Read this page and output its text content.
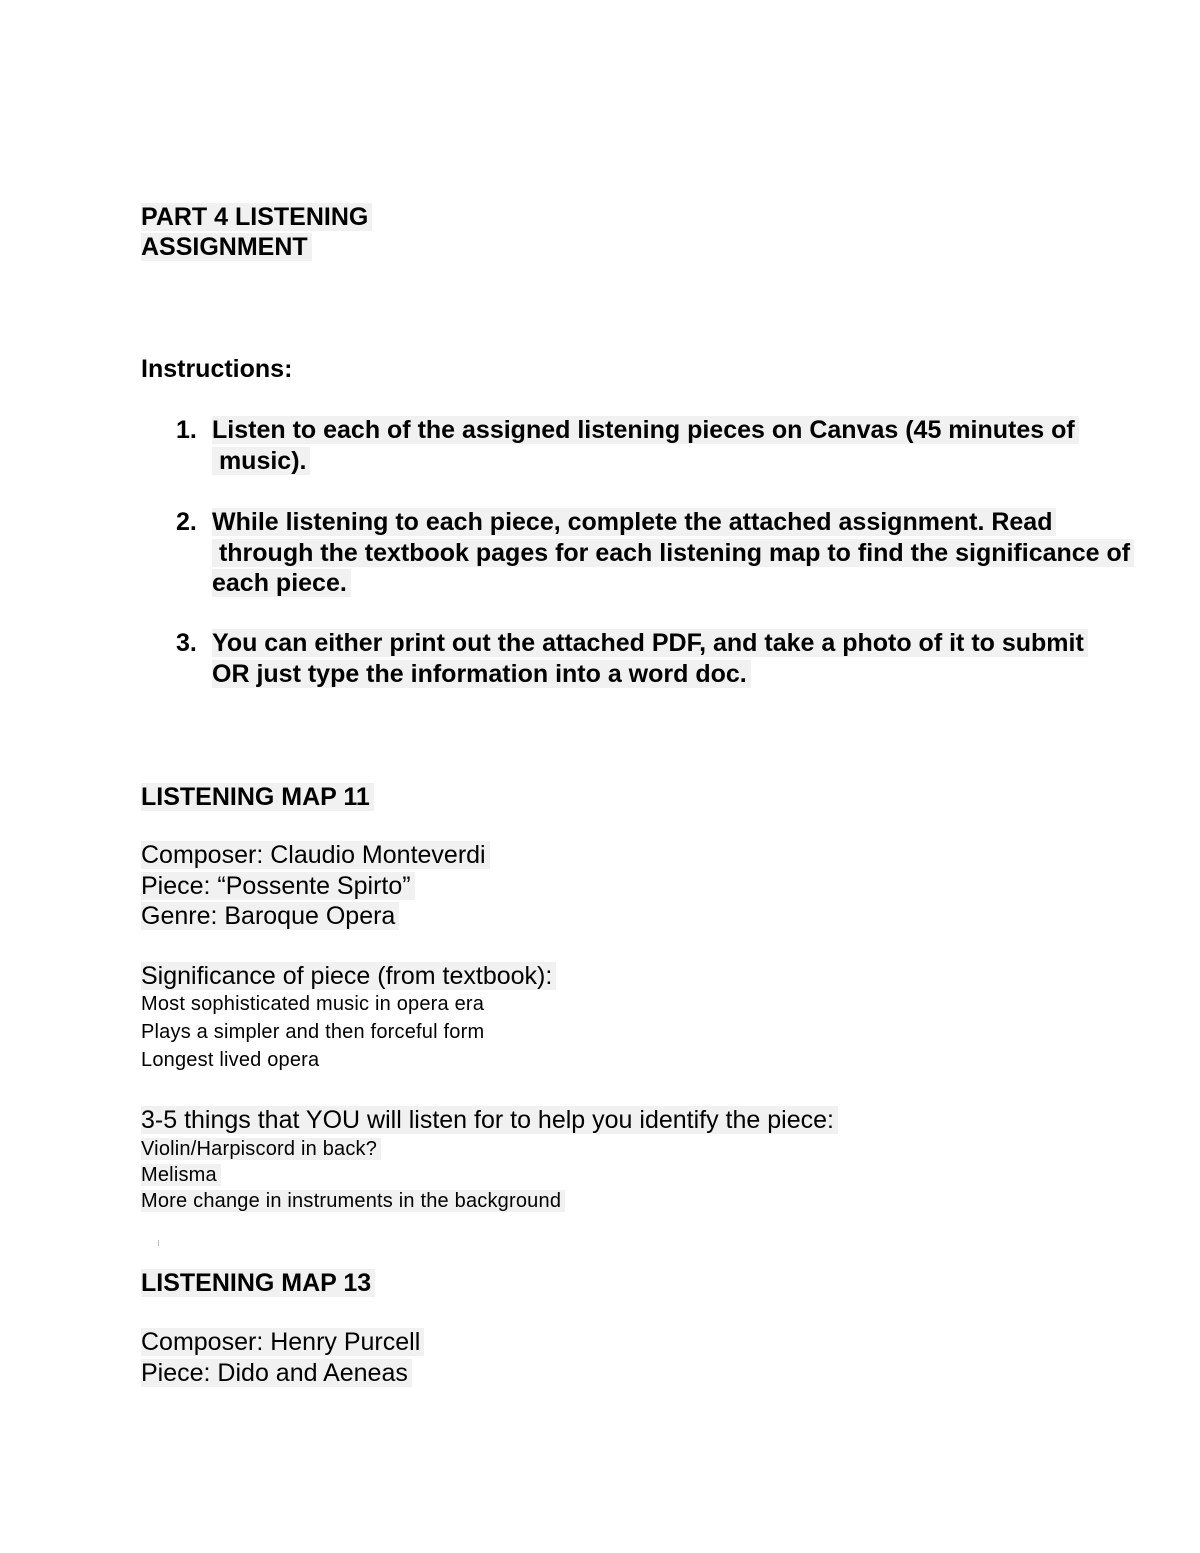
PART 4 LISTENING
ASSIGNMENT
Instructions:
1. Listen to each of the assigned listening pieces on Canvas (45 minutes of
music).
2. While listening to each piece, complete the attached assignment. Read
through the textbook pages for each listening map to find the significance of
each piece.
3. You can either print out the attached PDF, and take a photo of it to submit
OR just type the information into a word doc.
LISTENING MAP 11
Composer: Claudio Monteverdi
Piece: “Possente Spirto”
Genre: Baroque Opera
Significance of piece (from textbook):
Most sophisticated music in opera era
Plays a simpler and then forceful form
Longest lived opera
3-5 things that YOU will listen for to help you identify the piece:
Violin/Harpiscord in back?
Melisma
More change in instruments in the background
LISTENING MAP 13
Composer: Henry Purcell
Piece: Dido and Aeneas
